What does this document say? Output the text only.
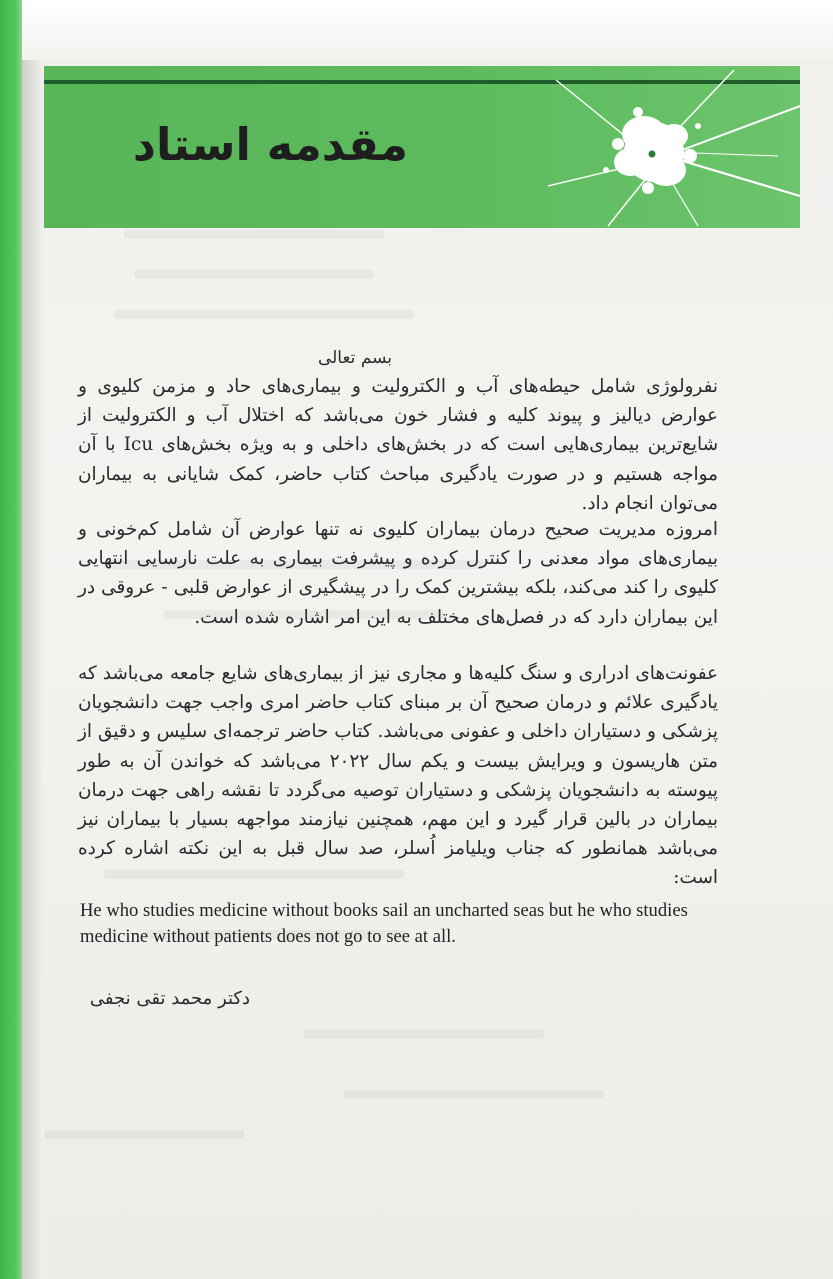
مقدمه استاد
بسم تعالی
نفرولوژی شامل حیطه‌های آب و الکترولیت و بیماری‌های حاد و مزمن کلیوی و عوارض دیالیز و پیوند کلیه و فشار خون می‌باشد که اختلال آب و الکترولیت از شایع‌ترین بیماری‌هایی است که در بخش‌های داخلی و به ویژه بخش‌های Icu با آن مواجه هستیم و در صورت یادگیری مباحث کتاب حاضر، کمک شایانی به بیماران می‌توان انجام داد.
امروزه مدیریت صحیح درمان بیماران کلیوی نه تنها عوارض آن شامل کم‌خونی و بیماری‌های مواد معدنی را کنترل کرده و پیشرفت بیماری به علت نارسایی انتهایی کلیوی را کند می‌کند، بلکه بیشترین کمک را در پیشگیری از عوارض قلبی - عروقی در این بیماران دارد که در فصل‌های مختلف به این امر اشاره شده است.
عفونت‌های ادراری و سنگ کلیه‌ها و مجاری نیز از بیماری‌های شایع جامعه می‌باشد که یادگیری علائم و درمان صحیح آن بر مبنای کتاب حاضر امری واجب جهت دانشجویان پزشکی و دستیاران داخلی و عفونی می‌باشد. کتاب حاضر ترجمه‌ای سلیس و دقیق از متن هاریسون و ویرایش بیست و یکم سال ۲۰۲۲ می‌باشد که خواندن آن به طور پیوسته به دانشجویان پزشکی و دستیاران توصیه می‌گردد تا نقشه راهی جهت درمان بیماران در بالین قرار گیرد و این مهم، همچنین نیازمند مواجهه بسیار با بیماران نیز می‌باشد همانطور که جناب ویلیامز اُسلر، صد سال قبل به این نکته اشاره کرده است:
He who studies medicine without books sail an uncharted seas but he who studies medicine without patients does not go to see at all.
دکتر محمد تقی نجفی
